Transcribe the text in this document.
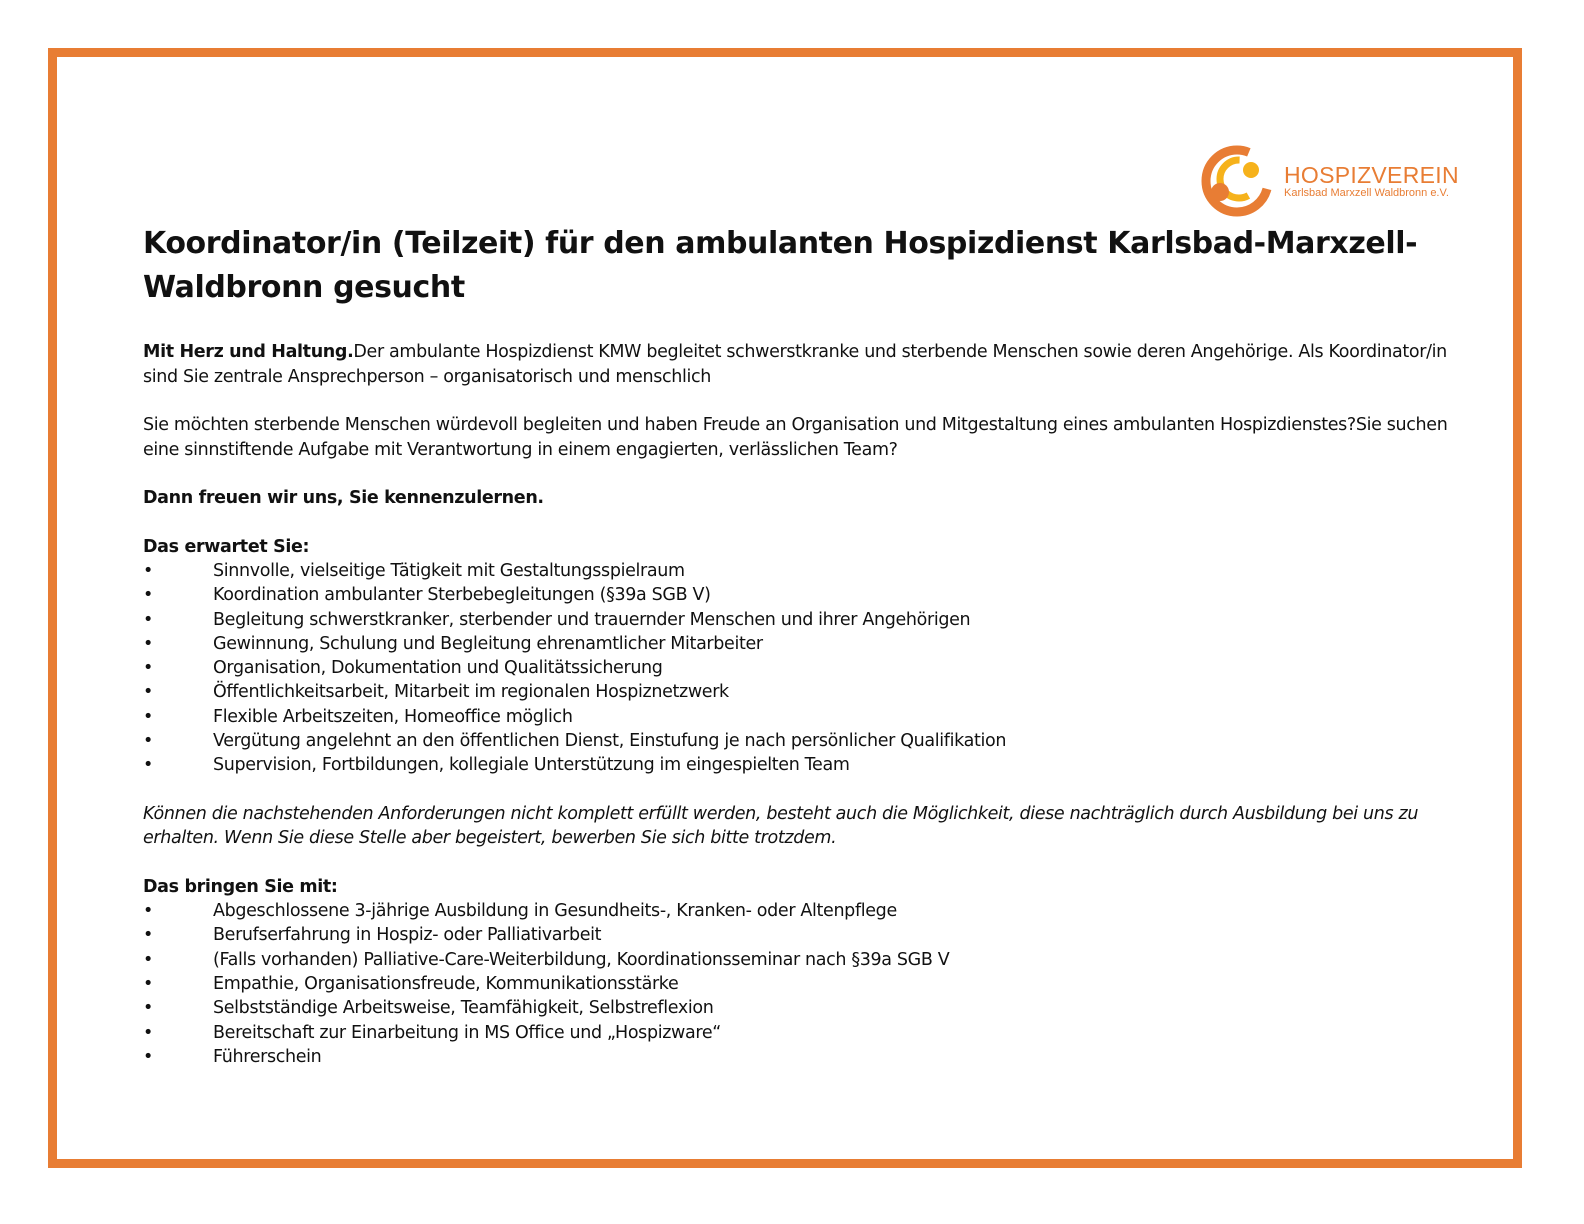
HOSPIZVEREIN
Karlsbad Marxzell Waldbronn e.V.
Koordinator/in (Teilzeit) für den ambulanten Hospizdienst Karlsbad-Marxzell-Waldbronn gesucht

Mit Herz und Haltung.Der ambulante Hospizdienst KMW begleitet schwerstkranke und sterbende Menschen sowie deren Angehörige. Als Koordinator/in sind Sie zentrale Ansprechperson – organisatorisch und menschlich

Sie möchten sterbende Menschen würdevoll begleiten und haben Freude an Organisation und Mitgestaltung eines ambulanten Hospizdienstes?Sie suchen eine sinnstiftende Aufgabe mit Verantwortung in einem engagierten, verlässlichen Team?

Dann freuen wir uns, Sie kennenzulernen.

Das erwartet Sie:
•	Sinnvolle, vielseitige Tätigkeit mit Gestaltungsspielraum
•	Koordination ambulanter Sterbebegleitungen (§39a SGB V)
•	Begleitung schwerstkranker, sterbender und trauernder Menschen und ihrer Angehörigen
•	Gewinnung, Schulung und Begleitung ehrenamtlicher Mitarbeiter
•	Organisation, Dokumentation und Qualitätssicherung
•	Öffentlichkeitsarbeit, Mitarbeit im regionalen Hospiznetzwerk
•	Flexible Arbeitszeiten, Homeoffice möglich
•	Vergütung angelehnt an den öffentlichen Dienst, Einstufung je nach persönlicher Qualifikation
•	Supervision, Fortbildungen, kollegiale Unterstützung im eingespielten Team

Können die nachstehenden Anforderungen nicht komplett erfüllt werden, besteht auch die Möglichkeit, diese nachträglich durch Ausbildung bei uns zu erhalten. Wenn Sie diese Stelle aber begeistert, bewerben Sie sich bitte trotzdem.

Das bringen Sie mit:
•	Abgeschlossene 3-jährige Ausbildung in Gesundheits-, Kranken- oder Altenpflege
•	Berufserfahrung in Hospiz- oder Palliativarbeit
•	(Falls vorhanden) Palliative-Care-Weiterbildung, Koordinationsseminar nach §39a SGB V
•	Empathie, Organisationsfreude, Kommunikationsstärke
•	Selbstständige Arbeitsweise, Teamfähigkeit, Selbstreflexion
•	Bereitschaft zur Einarbeitung in MS Office und „Hospizware“
•	Führerschein
